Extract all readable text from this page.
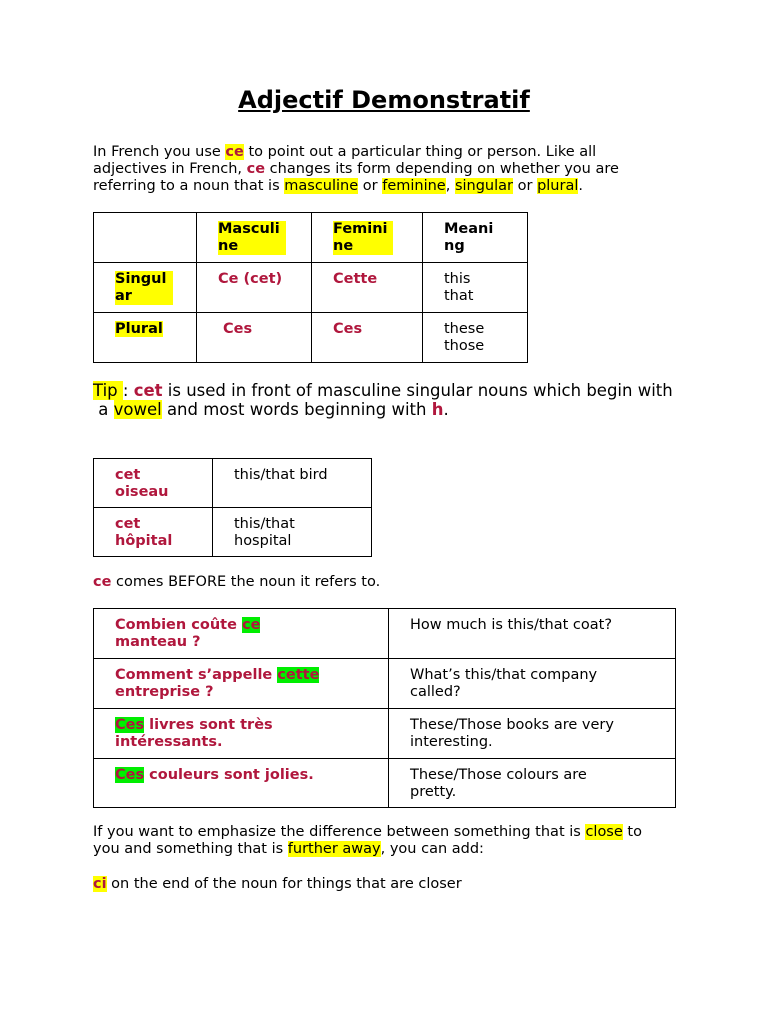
Adjectif Demonstratif
In French you use ce to point out a particular thing or person. Like all adjectives in French, ce changes its form depending on whether you are referring to a noun that is masculine or feminine, singular or plural.
	Masculine	Feminine	Meaning
Singular	Ce (cet)	Cette	this
that

Plural	Ces	Ces	these
those
Tip : cet is used in front of masculine singular nouns which begin with
a vowel and most words beginning with h.
cet oiseau	this/that bird
cet hôpital	this/that hospital
ce comes BEFORE the noun it refers to.
Combien coûte ce manteau ?	How much is this/that coat?
Comment s’appelle cette entreprise ?	What’s this/that company called?
Ces livres sont très intéressants.	These/Those books are very interesting.
Ces couleurs sont jolies.	These/Those colours are pretty.
If you want to emphasize the difference between something that is close to you and something that is further away, you can add:
ci on the end of the noun for things that are closer
